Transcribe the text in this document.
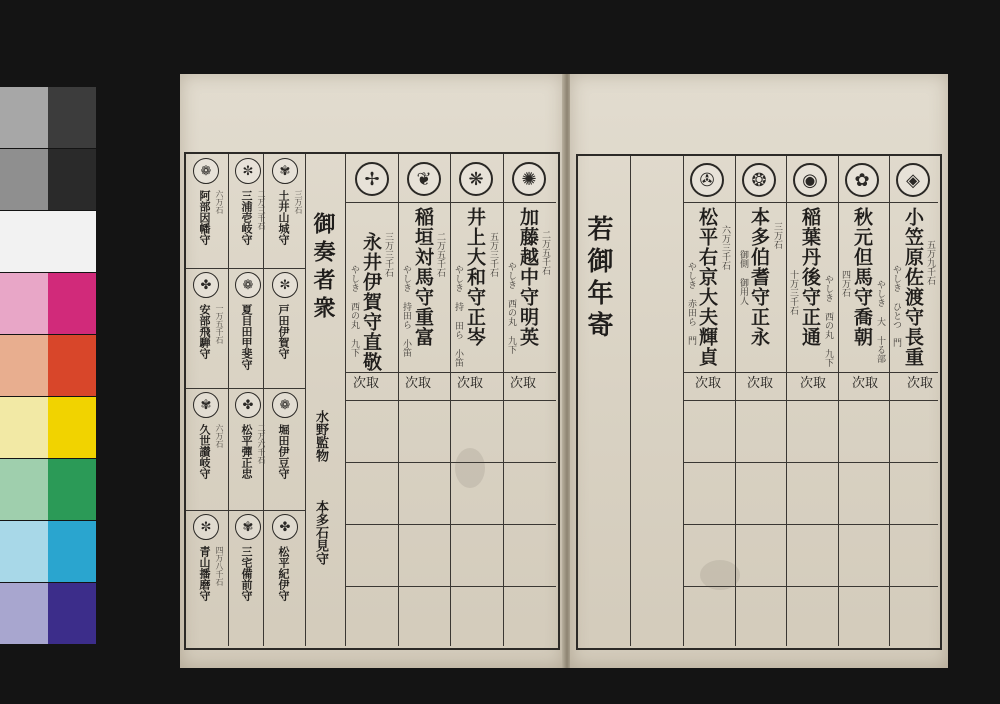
若御年寄
◈
小笠原佐渡守長重 五万九千石
やしき ひとつ　門
次取
✿
秋元但馬守喬朝
四万石	やしき 大 十る部
次取
◉
稲葉丹後守正通
十万三千石	やしき 西の丸 九下
次取
❂
本多伯耆守正永 三万石
御側 御用人
次取
✇
松平右京大夫輝貞 六万三千石
やしき 赤田ら 門
次取
御奏者衆
✺
加藤越中守明英 二万五千石
やしき 西の丸 九下
次取
❋
井上大和守正岑 五万三千石
やしき 持 田ら 小笛
次取
❦
稲垣対馬守重富 二万五千石
やしき 持田ら 小笛
次取
✢
永井伊賀守直敬 三万三千石
やしき 西の丸 九下
次取
✾
土井山城守 三万石
✼
三浦壱岐守 二万三千石
❁
阿部因幡守 六万石
✼
戸田伊賀守
❁
夏目田甲斐守
✤
安部飛騨守 一万五千石
❁
堀田伊豆守
✤
松平彈正忠 二万六千石
✾
久世讃岐守 六万石
✤
松平紀伊守
✾
三宅備前守
✼
青山播磨守 四万八千石
水野監物
本多石見守
